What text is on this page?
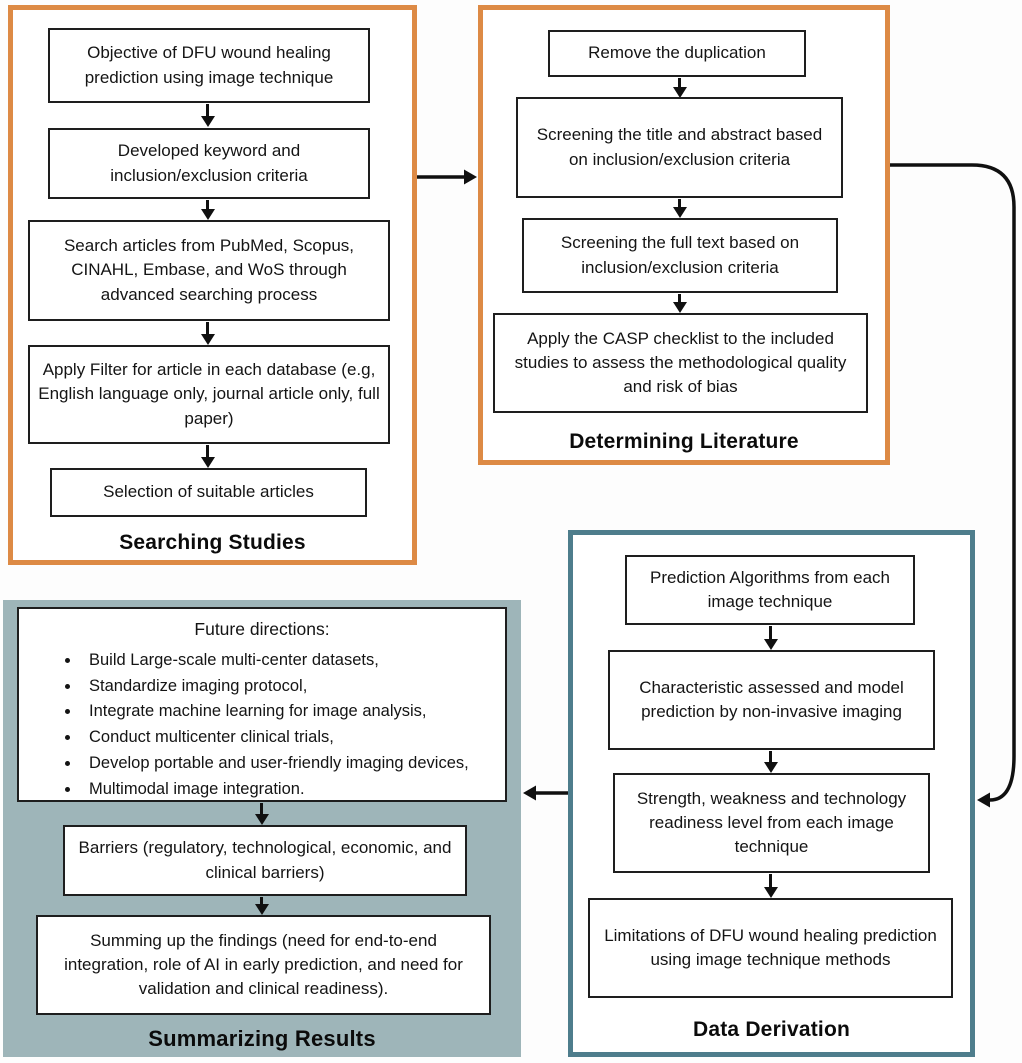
Objective of DFU wound healing prediction using image technique
Developed keyword and inclusion/exclusion criteria
Search articles from PubMed, Scopus, CINAHL, Embase, and WoS through advanced searching process
Apply Filter for article in each database (e.g, English language only, journal article only, full paper)
Selection of suitable articles
Searching Studies
Remove the duplication
Screening the title and abstract based on inclusion/exclusion criteria
Screening the full text based on inclusion/exclusion criteria
Apply the CASP checklist to the included studies to assess the methodological quality and risk of bias
Determining Literature
Prediction Algorithms from each image technique
Characteristic assessed and model prediction by non-invasive imaging
Strength, weakness and technology readiness level from each image technique
Limitations of DFU wound healing prediction using image technique methods
Data Derivation
Future directions:
• Build Large-scale multi-center datasets,
• Standardize imaging protocol,
• Integrate machine learning for image analysis,
• Conduct multicenter clinical trials,
• Develop portable and user-friendly imaging devices,
• Multimodal image integration.
Barriers (regulatory, technological, economic, and clinical barriers)
Summing up the findings (need for end-to-end integration, role of AI in early prediction, and need for validation and clinical readiness).
Summarizing Results
